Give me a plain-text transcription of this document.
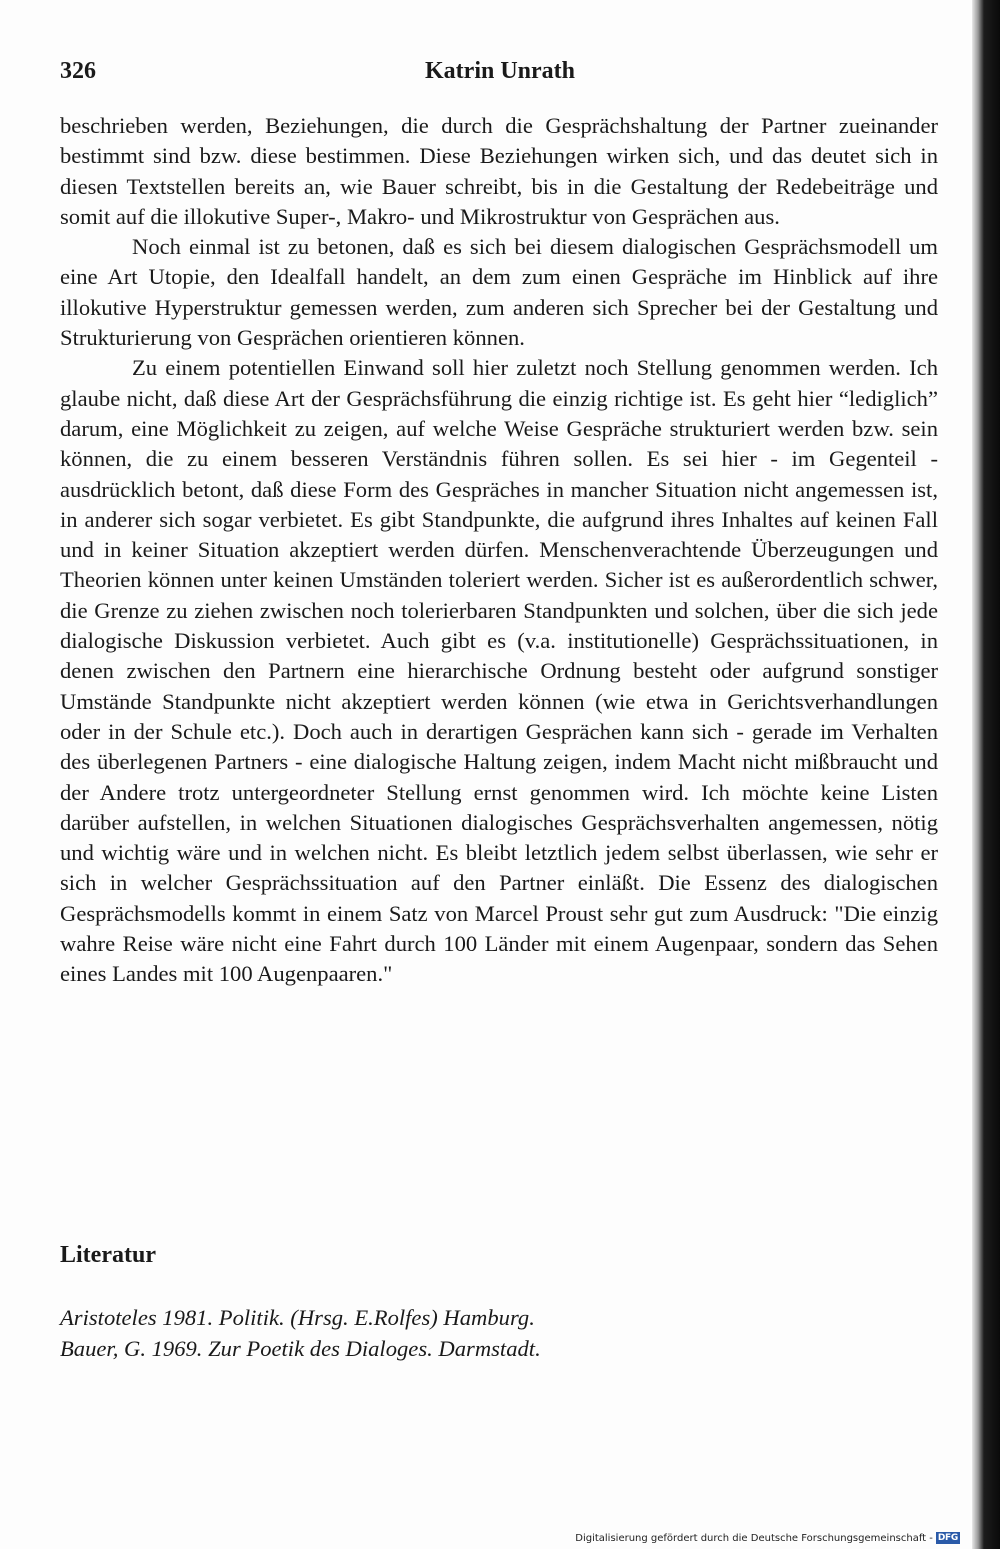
326	Katrin Unrath

beschrieben werden, Beziehungen, die durch die Gesprächshaltung der Partner zueinander bestimmt sind bzw. diese bestimmen. Diese Beziehungen wirken sich, und das deutet sich in diesen Textstellen bereits an, wie Bauer schreibt, bis in die Gestaltung der Redebeiträge und somit auf die illokutive Super-, Makro- und Mikrostruktur von Gesprächen aus.

Noch einmal ist zu betonen, daß es sich bei diesem dialogischen Gesprächsmodell um eine Art Utopie, den Idealfall handelt, an dem zum einen Gespräche im Hinblick auf ihre illokutive Hyperstruktur gemessen werden, zum anderen sich Sprecher bei der Gestaltung und Strukturierung von Gesprächen orientieren können.

Zu einem potentiellen Einwand soll hier zuletzt noch Stellung genommen werden. Ich glaube nicht, daß diese Art der Gesprächsführung die einzig richtige ist. Es geht hier “lediglich” darum, eine Möglichkeit zu zeigen, auf welche Weise Gespräche strukturiert werden bzw. sein können, die zu einem besseren Verständnis führen sollen. Es sei hier - im Gegenteil - ausdrücklich betont, daß diese Form des Gespräches in mancher Situation nicht angemessen ist, in anderer sich sogar verbietet. Es gibt Standpunkte, die aufgrund ihres Inhaltes auf keinen Fall und in keiner Situation akzeptiert werden dürfen. Menschenverachtende Überzeugungen und Theorien können unter keinen Umständen toleriert werden. Sicher ist es außerordentlich schwer, die Grenze zu ziehen zwischen noch tolerierbaren Standpunkten und solchen, über die sich jede dialogische Diskussion verbietet. Auch gibt es (v.a. institutionelle) Gesprächssituationen, in denen zwischen den Partnern eine hierarchische Ordnung besteht oder aufgrund sonstiger Umstände Standpunkte nicht akzeptiert werden können (wie etwa in Gerichtsverhandlungen oder in der Schule etc.). Doch auch in derartigen Gesprächen kann sich - gerade im Verhalten des überlegenen Partners - eine dialogische Haltung zeigen, indem Macht nicht mißbraucht und der Andere trotz untergeordneter Stellung ernst genommen wird. Ich möchte keine Listen darüber aufstellen, in welchen Situationen dialogisches Gesprächsverhalten angemessen, nötig und wichtig wäre und in welchen nicht. Es bleibt letztlich jedem selbst überlassen, wie sehr er sich in welcher Gesprächssituation auf den Partner einläßt. Die Essenz des dialogischen Gesprächsmodells kommt in einem Satz von Marcel Proust sehr gut zum Ausdruck: "Die einzig wahre Reise wäre nicht eine Fahrt durch 100 Länder mit einem Augenpaar, sondern das Sehen eines Landes mit 100 Augenpaaren."

Literatur

Aristoteles 1981. Politik. (Hrsg. E.Rolfes) Hamburg.

Bauer, G. 1969. Zur Poetik des Dialoges. Darmstadt.

Digitalisierung gefördert durch die Deutsche Forschungsgemeinschaft - DFG
